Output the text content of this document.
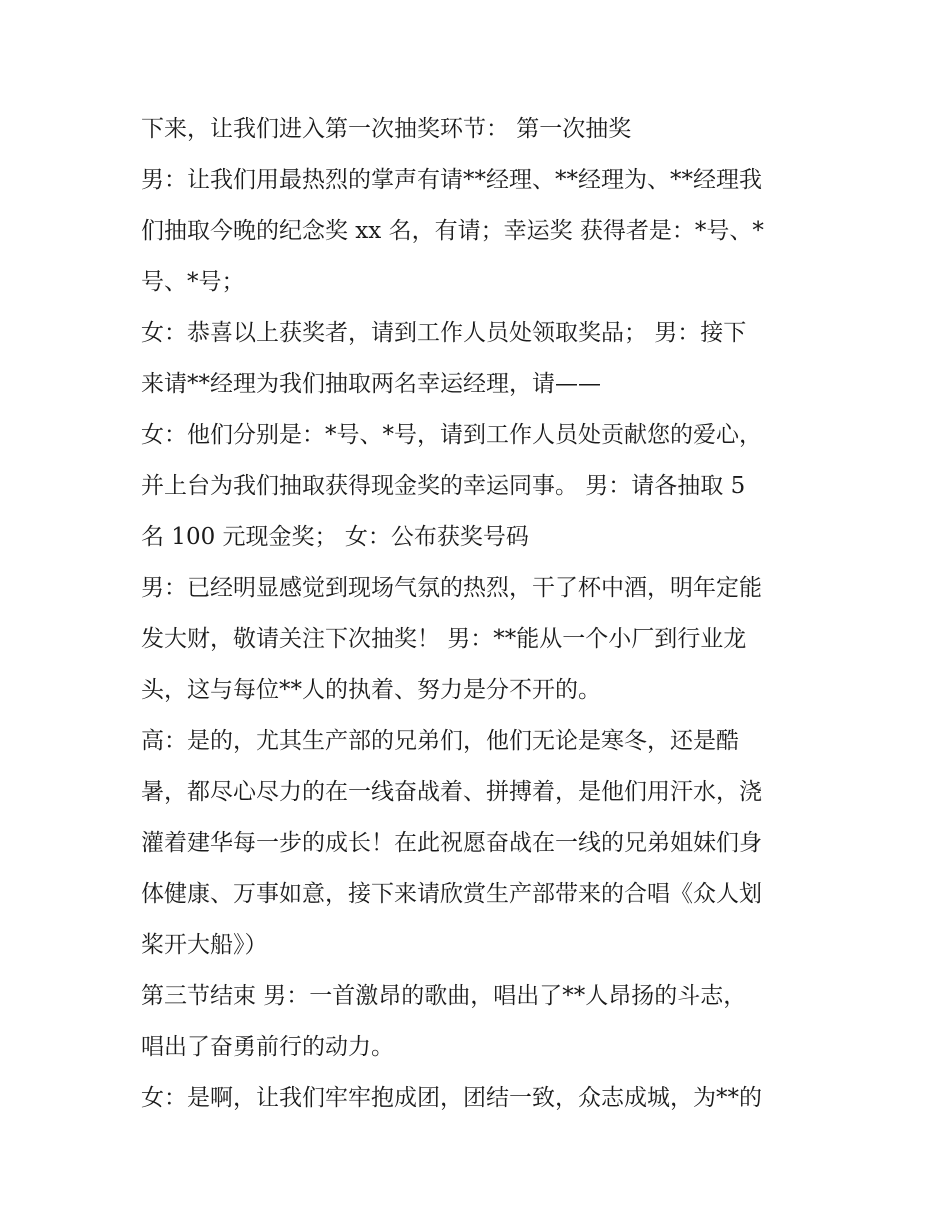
下来，让我们进入第一次抽奖环节： 第一次抽奖
男：让我们用最热烈的掌声有请**经理、**经理为、**经理我
们抽取今晚的纪念奖 xx 名，有请；幸运奖 获得者是：*号、*
号、*号；
女：恭喜以上获奖者，请到工作人员处领取奖品； 男：接下
来请**经理为我们抽取两名幸运经理，请——
女：他们分别是：*号、*号，请到工作人员处贡献您的爱心，
并上台为我们抽取获得现金奖的幸运同事。 男：请各抽取 5
名 100 元现金奖； 女：公布获奖号码
男：已经明显感觉到现场气氛的热烈，干了杯中酒，明年定能
发大财，敬请关注下次抽奖！ 男：**能从一个小厂到行业龙
头，这与每位**人的执着、努力是分不开的。
高：是的，尤其生产部的兄弟们，他们无论是寒冬，还是酷
暑，都尽心尽力的在一线奋战着、拼搏着，是他们用汗水，浇
灌着建华每一步的成长！在此祝愿奋战在一线的兄弟姐妹们身
体健康、万事如意，接下来请欣赏生产部带来的合唱《众人划
桨开大船》）
第三节结束 男：一首激昂的歌曲，唱出了**人昂扬的斗志，
唱出了奋勇前行的动力。
女：是啊，让我们牢牢抱成团，团结一致，众志成城，为**的
